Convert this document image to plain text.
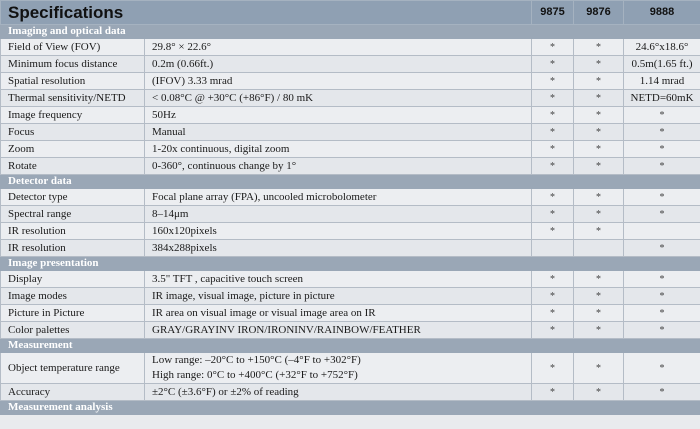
Specifications		9875	9876	9888
Imaging and optical data				
Field of View (FOV)	29.8° × 22.6°	*	*	24.6°x18.6°
Minimum focus distance	0.2m (0.66ft.)	*	*	0.5m(1.65 ft.)
Spatial resolution	(IFOV) 3.33 mrad	*	*	1.14 mrad
Thermal sensitivity/NETD	< 0.08°C @ +30°C (+86°F) / 80 mK	*	*	NETD=60mK
Image frequency	50Hz	*	*	*
Focus	Manual	*	*	*
Zoom	1-20x continuous, digital zoom	*	*	*
Rotate	0-360°, continuous change by 1°	*	*	*
Detector data				
Detector type	Focal plane array (FPA), uncooled microbolometer	*	*	*
Spectral range	8–14μm	*	*	*
IR resolution	160x120pixels	*	*	
IR resolution	384x288pixels			*
Image presentation				
Display	3.5" TFT , capacitive touch screen	*	*	*
Image modes	IR image, visual image, picture in picture	*	*	*
Picture in Picture	IR area on visual image or visual image area on IR	*	*	*
Color palettes	GRAY/GRAYINV IRON/IRONINV/RAINBOW/FEATHER	*	*	*
Measurement				
Object temperature range	Low range: –20°C to +150°C (–4°F to +302°F)
High range: 0°C to +400°C (+32°F to +752°F)	*	*	*
Accuracy	±2°C (±3.6°F) or ±2% of reading	*	*	*
Measurement analysis				
